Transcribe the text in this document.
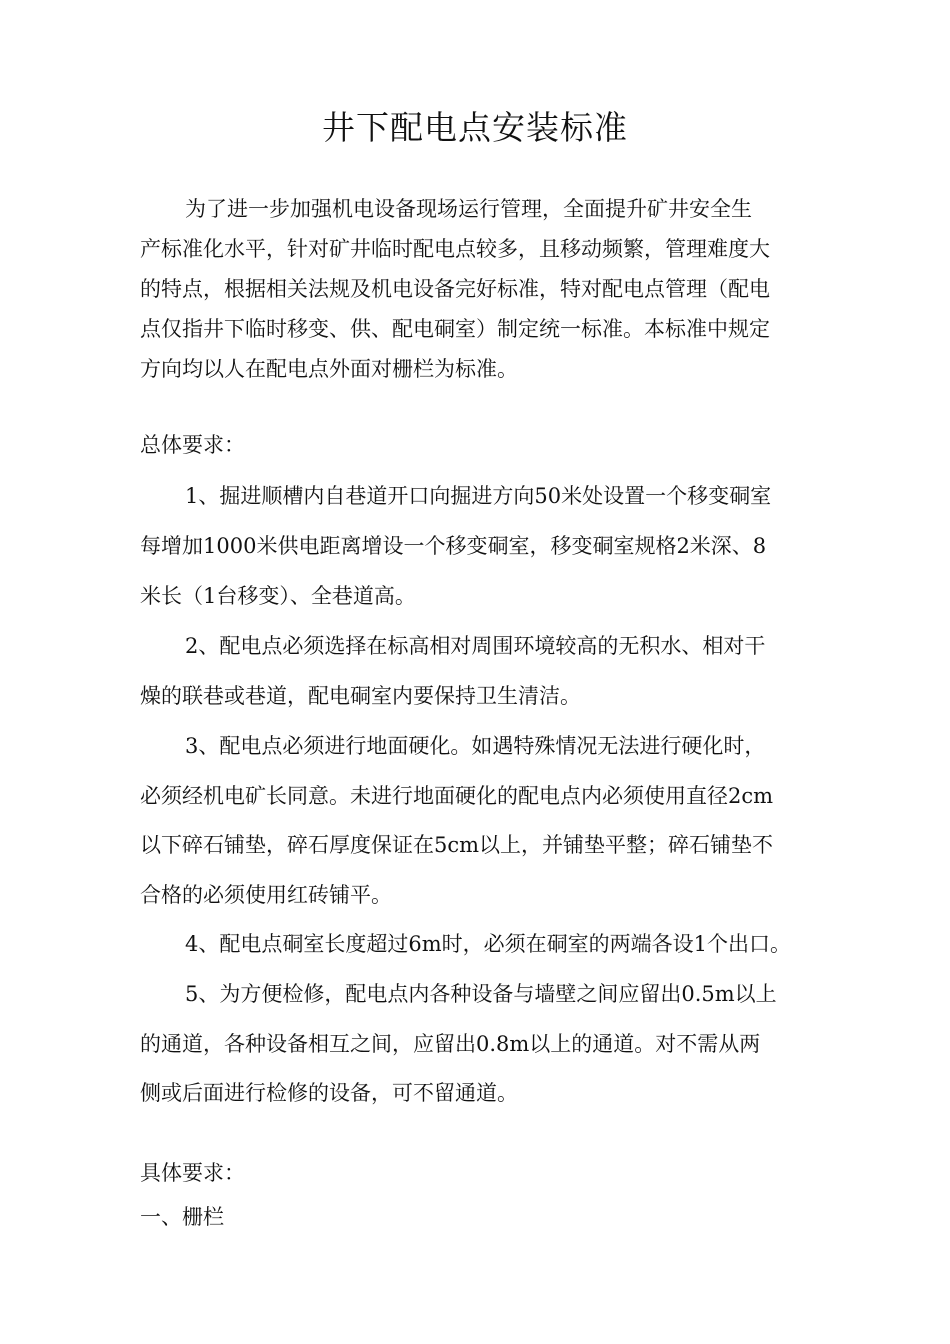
井下配电点安装标准
为了进一步加强机电设备现场运行管理，全面提升矿井安全生
产标准化水平，针对矿井临时配电点较多，且移动频繁，管理难度大
的特点，根据相关法规及机电设备完好标准，特对配电点管理（配电
点仅指井下临时移变、供、配电硐室）制定统一标准。本标准中规定
方向均以人在配电点外面对栅栏为标准。
总体要求：
1、掘进顺槽内自巷道开口向掘进方向50米处设置一个移变硐室
每增加1000米供电距离增设一个移变硐室，移变硐室规格2米深、8
米长（1台移变）、全巷道高。
2、配电点必须选择在标高相对周围环境较高的无积水、相对干
燥的联巷或巷道，配电硐室内要保持卫生清洁。
3、配电点必须进行地面硬化。如遇特殊情况无法进行硬化时，
必须经机电矿长同意。未进行地面硬化的配电点内必须使用直径2cm
以下碎石铺垫，碎石厚度保证在5cm以上，并铺垫平整；碎石铺垫不
合格的必须使用红砖铺平。
4、配电点硐室长度超过6m时，必须在硐室的两端各设1个出口。
5、为方便检修，配电点内各种设备与墙壁之间应留出0.5m以上
的通道，各种设备相互之间，应留出0.8m以上的通道。对不需从两
侧或后面进行检修的设备，可不留通道。
具体要求：
一、栅栏
